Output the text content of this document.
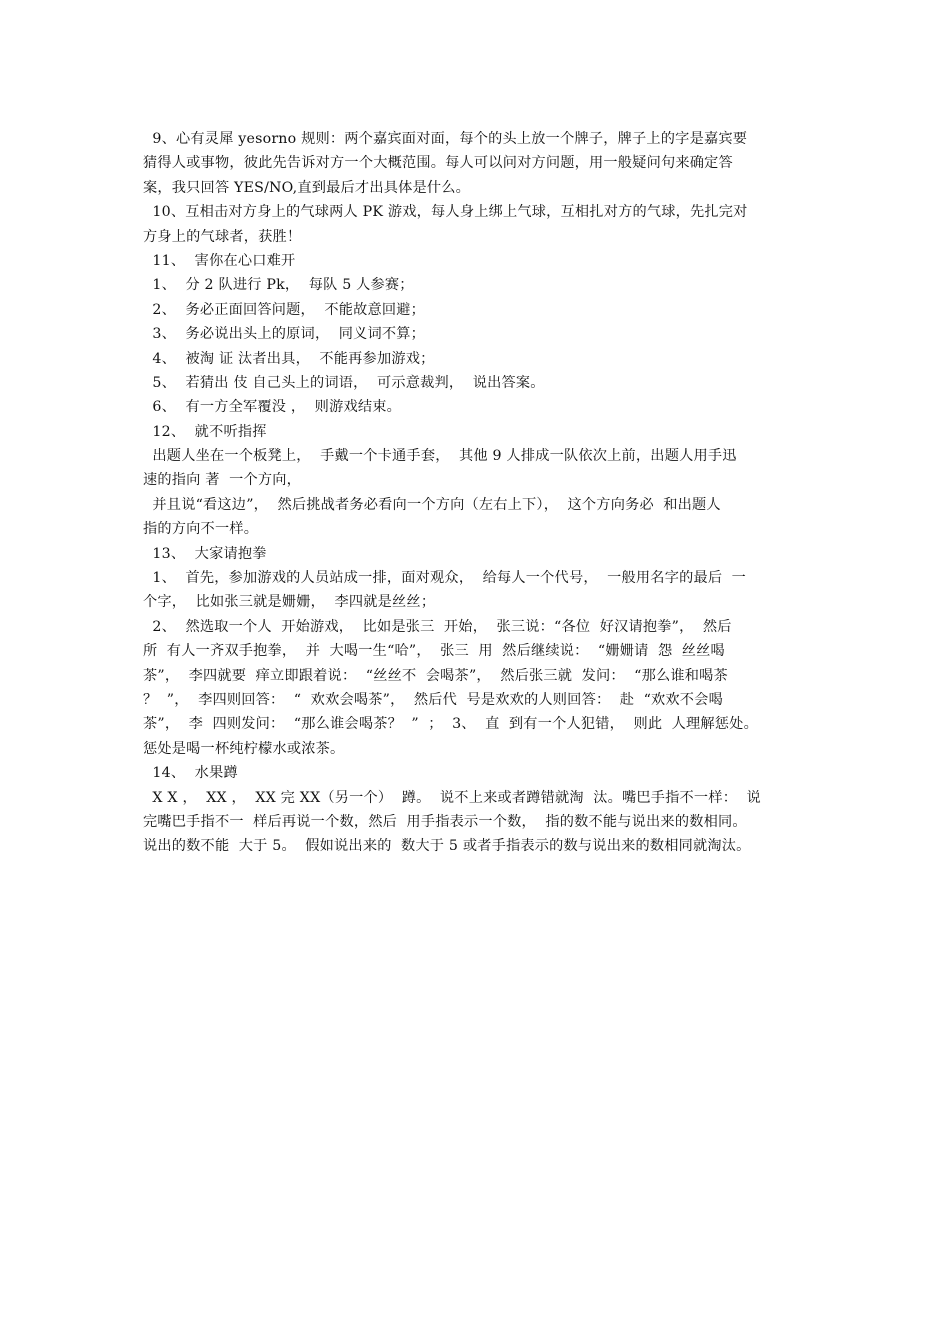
9、心有灵犀 yesorno 规则：两个嘉宾面对面，每个的头上放一个牌子，牌子上的字是嘉宾要
猜得人或事物，彼此先告诉对方一个大概范围。每人可以问对方问题，用一般疑问句来确定答
案，我只回答 YES/NO,直到最后才出具体是什么。
10、互相击对方身上的气球两人 PK 游戏，每人身上绑上气球，互相扎对方的气球，先扎完对
方身上的气球者，获胜！
11、  害你在心口难开
1、  分 2 队进行 Pk，  每队 5 人参赛；
2、  务必正面回答问题，  不能故意回避；
3、  务必说出头上的原词，  同义词不算；
4、  被淘 证 汰者出具，  不能再参加游戏；
5、  若猜出 伎 自己头上的词语，  可示意裁判，  说出答案。
6、  有一方全军覆没 ，  则游戏结束。
12、  就不听指挥
出题人坐在一个板凳上，  手戴一个卡通手套，  其他 9 人排成一队依次上前，出题人用手迅
速的指向 著  一个方向，
并且说“看这边”，  然后挑战者务必看向一个方向（左右上下），  这个方向务必  和出题人
指的方向不一样。
13、  大家请抱拳
1、  首先，参加游戏的人员站成一排，面对观众，  给每人一个代号，  一般用名字的最后  一
个字，  比如张三就是姗姗，  李四就是丝丝；
2、  然选取一个人  开始游戏，  比如是张三  开始，  张三说：“各位  好汉请抱拳”，  然后
所  有人一齐双手抱拳，  并  大喝一生“哈”，  张三  用  然后继续说：  “姗姗请  怨  丝丝喝
茶”，  李四就要  痒立即跟着说：  “丝丝不  会喝茶”，  然后张三就  发问：  “那么谁和喝茶
？  ”，  李四则回答：  “  欢欢会喝茶”，  然后代  号是欢欢的人则回答：  赴  “欢欢不会喝
茶”，  李  四则发问：  “那么谁会喝茶？  ”  ；  3、  直  到有一个人犯错，  则此  人理解惩处。
惩处是喝一杯纯柠檬水或浓茶。
14、  水果蹲
X X ，  XX ，  XX 完 XX（另一个）  蹲。  说不上来或者蹲错就淘  汰。嘴巴手指不一样：  说
完嘴巴手指不一  样后再说一个数，然后  用手指表示一个数，  指的数不能与说出来的数相同。
说出的数不能  大于 5。  假如说出来的  数大于 5 或者手指表示的数与说出来的数相同就淘汰。
